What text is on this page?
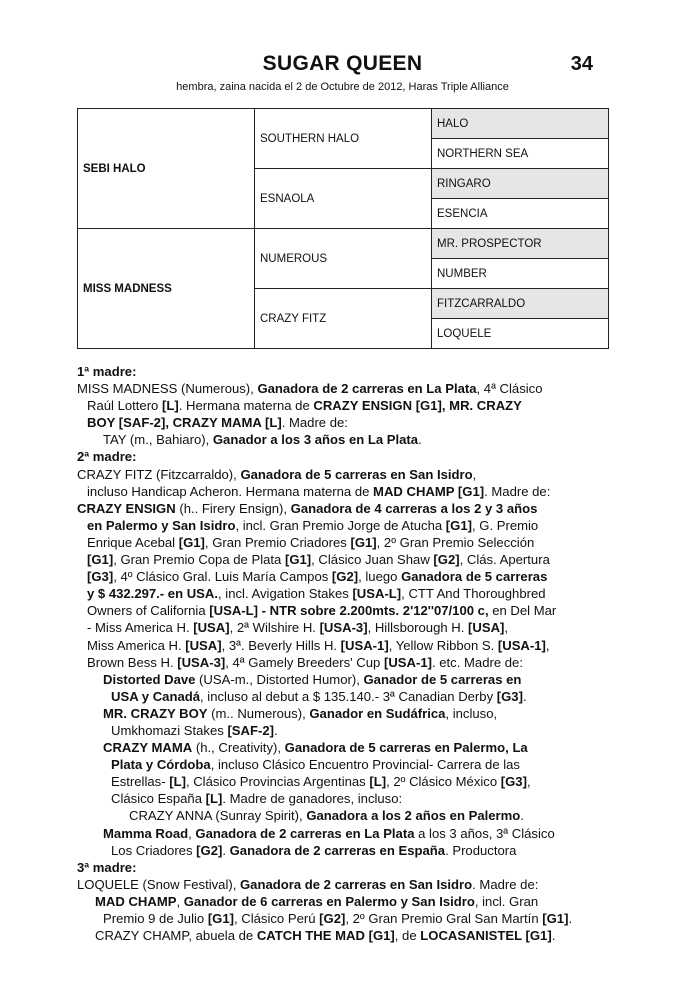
SUGAR QUEEN	34
hembra, zaina nacida el 2 de Octubre de 2012, Haras Triple Alliance
SEBI HALO	SOUTHERN HALO	HALO
		NORTHERN SEA
	ESNAOLA	RINGARO
		ESENCIA
MISS MADNESS	NUMEROUS	MR. PROSPECTOR
		NUMBER
	CRAZY FITZ	FITZCARRALDO
		LOQUELE

1ª madre:

MISS MADNESS (Numerous), Ganadora de 2 carreras en La Plata, 4ª Clásico

Raúl Lottero [L]. Hermana materna de CRAZY ENSIGN [G1], MR. CRAZY

BOY [SAF-2], CRAZY MAMA [L]. Madre de:

TAY (m., Bahiaro), Ganador a los 3 años en La Plata.

2ª madre:

CRAZY FITZ (Fitzcarraldo), Ganadora de 5 carreras en San Isidro,

incluso Handicap Acheron. Hermana materna de MAD CHAMP [G1]. Madre de:

CRAZY ENSIGN (h.. Firery Ensign), Ganadora de 4 carreras a los 2 y 3 años

en Palermo y San Isidro, incl. Gran Premio Jorge de Atucha [G1], G. Premio

Enrique Acebal [G1], Gran Premio Criadores [G1], 2º Gran Premio Selección

[G1], Gran Premio Copa de Plata [G1], Clásico Juan Shaw [G2], Clás. Apertura

[G3], 4º Clásico Gral. Luis María Campos [G2], luego Ganadora de 5 carreras

y $ 432.297.- en USA., incl. Avigation Stakes [USA-L], CTT And Thoroughbred

Owners of California [USA-L] - NTR sobre 2.200mts. 2'12''07/100 c, en Del Mar

- Miss America H. [USA], 2ª Wilshire H. [USA-3], Hillsborough H. [USA],

Miss America H. [USA], 3ª. Beverly Hills H. [USA-1], Yellow Ribbon S. [USA-1],

Brown Bess H. [USA-3], 4ª Gamely Breeders' Cup [USA-1]. etc. Madre de:

Distorted Dave (USA-m., Distorted Humor), Ganador de 5 carreras en

USA y Canadá, incluso al debut a $ 135.140.- 3ª Canadian Derby [G3].

MR. CRAZY BOY (m.. Numerous), Ganador en Sudáfrica, incluso,

Umkhomazi Stakes [SAF-2].

CRAZY MAMA (h., Creativity), Ganadora de 5 carreras en Palermo, La

Plata y Córdoba, incluso Clásico Encuentro Provincial- Carrera de las

Estrellas- [L], Clásico Provincias Argentinas [L], 2º Clásico México [G3],

Clásico España [L]. Madre de ganadores, incluso:

CRAZY ANNA (Sunray Spirit), Ganadora a los 2 años en Palermo.

Mamma Road, Ganadora de 2 carreras en La Plata a los 3 años, 3ª Clásico

Los Criadores [G2]. Ganadora de 2 carreras en España. Productora

3ª madre:

LOQUELE (Snow Festival), Ganadora de 2 carreras en San Isidro. Madre de:

MAD CHAMP, Ganador de 6 carreras en Palermo y San Isidro, incl. Gran

Premio 9 de Julio [G1], Clásico Perú [G2], 2º Gran Premio Gral San Martín [G1].

CRAZY CHAMP, abuela de CATCH THE MAD [G1], de LOCASANISTEL [G1].
